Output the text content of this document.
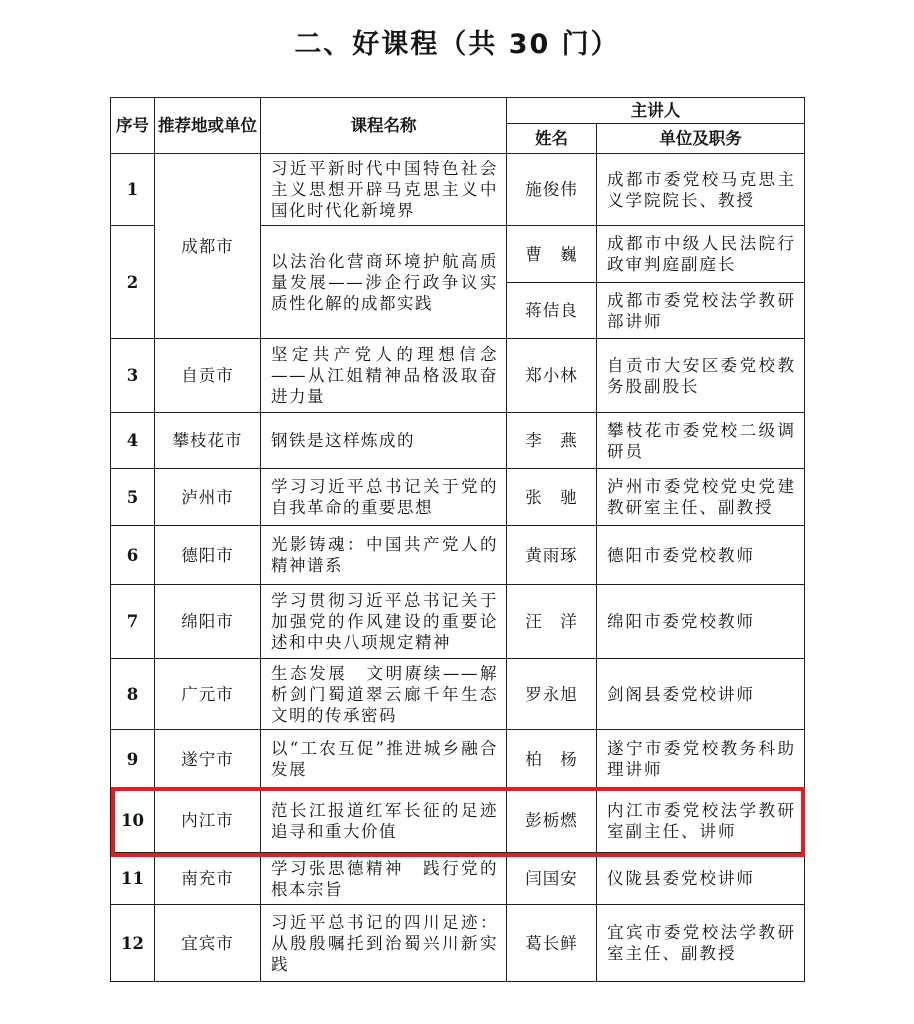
二、好课程（共 30 门）
序号	推荐地或单位	课程名称	主讲人	
			姓名	单位及职务
1	成都市	习近平新时代中国特色社会主义思想开辟马克思主义中国化时代化新境界	施俊伟	成都市委党校马克思主义学院院长、教授
2		以法治化营商环境护航高质量发展——涉企行政争议实质性化解的成都实践	曹　巍	成都市中级人民法院行政审判庭副庭长
			蒋佶良	成都市委党校法学教研部讲师
3	自贡市	坚定共产党人的理想信念——从江姐精神品格汲取奋进力量	郑小林	自贡市大安区委党校教务股副股长
4	攀枝花市	钢铁是这样炼成的	李　燕	攀枝花市委党校二级调研员
5	泸州市	学习习近平总书记关于党的自我革命的重要思想	张　驰	泸州市委党校党史党建教研室主任、副教授
6	德阳市	光影铸魂：中国共产党人的精神谱系	黄雨琢	德阳市委党校教师
7	绵阳市	学习贯彻习近平总书记关于加强党的作风建设的重要论述和中央八项规定精神	汪　洋	绵阳市委党校教师
8	广元市	生态发展　文明赓续——解析剑门蜀道翠云廊千年生态文明的传承密码	罗永旭	剑阁县委党校讲师
9	遂宁市	以“工农互促”推进城乡融合发展	柏　杨	遂宁市委党校教务科助理讲师
10	内江市	范长江报道红军长征的足迹追寻和重大价值	彭栃燃	内江市委党校法学教研室副主任、讲师
11	南充市	学习张思德精神　践行党的根本宗旨	闫国安	仪陇县委党校讲师
12	宜宾市	习近平总书记的四川足迹：从殷殷嘱托到治蜀兴川新实践	葛长鲜	宜宾市委党校法学教研室主任、副教授
